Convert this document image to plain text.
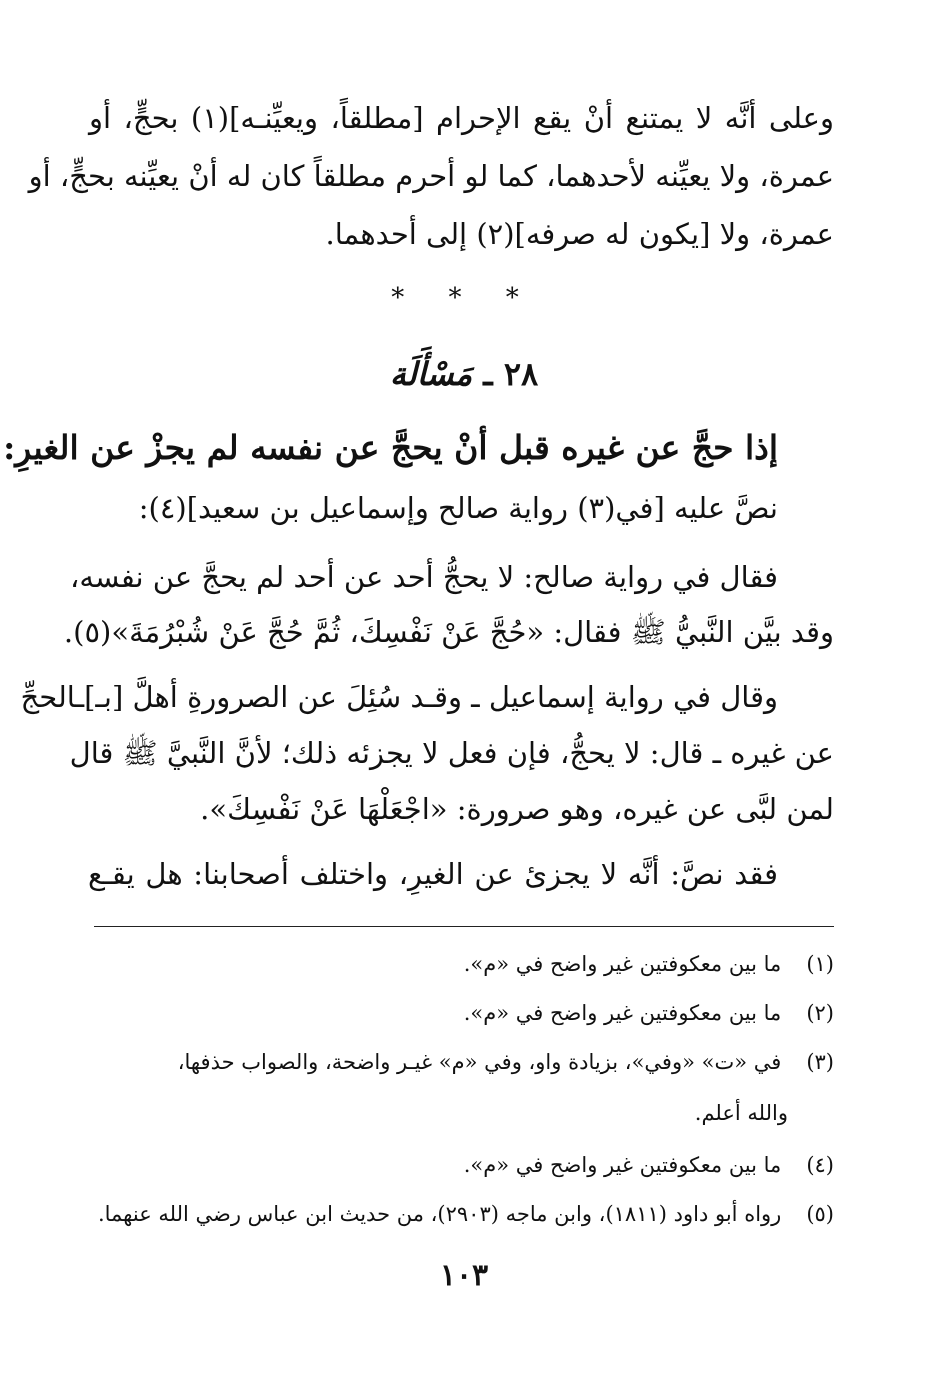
وعلى أنَّه لا يمتنع أنْ يقع الإحرام [مطلقاً، ويعيِّنـه](١) بحجٍّ، أو
عمرة، ولا يعيِّنه لأحدهما، كما لو أحرم مطلقاً كان له أنْ يعيِّنه بحجٍّ، أو
عمرة، ولا [يكون له صرفه](٢) إلى أحدهما.
* * *
٢٨ ـ مَسْأَلَة
إذا حجَّ عن غيره قبل أنْ يحجَّ عن نفسه لم يجزْ عن الغيرِ:
نصَّ عليه [في(٣) رواية صالح وإسماعيل بن سعيد](٤):
فقال في رواية صالح: لا يحجُّ أحد عن أحد لم يحجَّ عن نفسه،
وقد بيَّن النَّبيُّ ﷺ فقال: «حُجَّ عَنْ نَفْسِكَ، ثُمَّ حُجَّ عَنْ شُبْرُمَةَ»(٥).
وقال في رواية إسماعيل ـ وقـد سُئِلَ عن الصرورةِ أهلَّ [بـ]ـالحجِّ
عن غيره ـ قال: لا يحجُّ، فإن فعل لا يجزئه ذلك؛ لأنَّ النَّبيَّ ﷺ قال
لمن لبَّى عن غيره، وهو صرورة: «اجْعَلْهَا عَنْ نَفْسِكَ».
فقد نصَّ: أنَّه لا يجزئ عن الغيرِ، واختلف أصحابنا: هل يقـع
(١) ما بين معكوفتين غير واضح في «م».
(٢) ما بين معكوفتين غير واضح في «م».
(٣) في «ت» «وفي»، بزيادة واو، وفي «م» غيـر واضحة، والصواب حذفها،
والله أعلم.
(٤) ما بين معكوفتين غير واضح في «م».
(٥) رواه أبو داود (١٨١١)، وابن ماجه (٢٩٠٣)، من حديث ابن عباس رضي الله عنهما.
١٠٣
